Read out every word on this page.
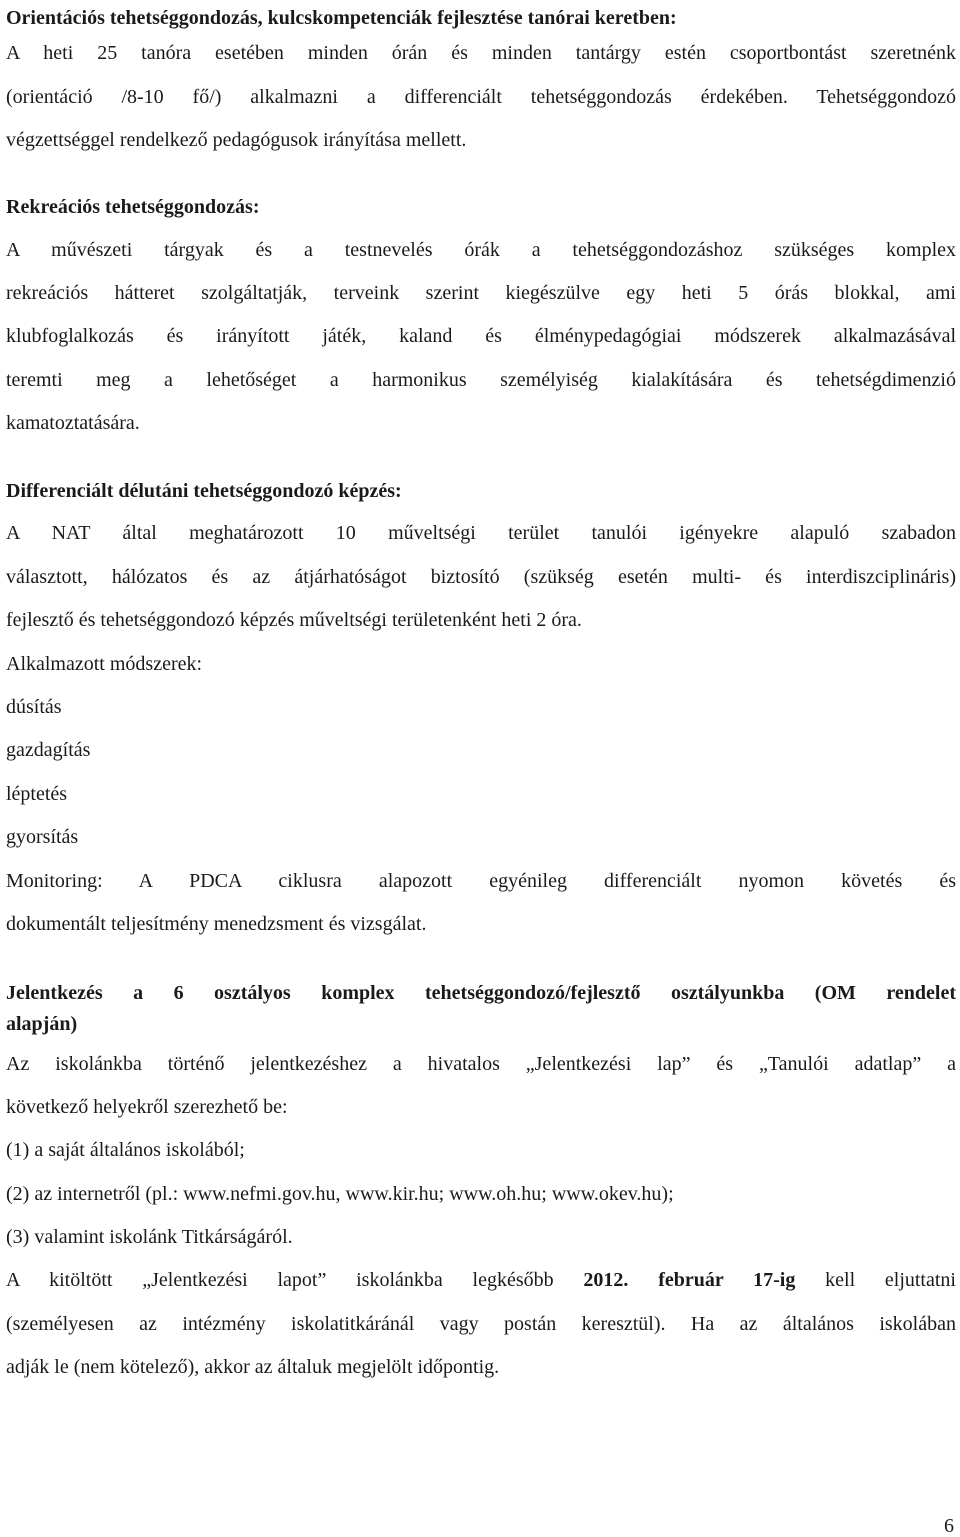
Orientációs tehetséggondozás, kulcskompetenciák fejlesztése tanórai keretben:
A heti 25 tanóra esetében minden órán és minden tantárgy estén csoportbontást szeretnénk
(orientáció /8-10 fő/) alkalmazni a differenciált tehetséggondozás érdekében. Tehetséggondozó
végzettséggel rendelkező pedagógusok irányítása mellett.
Rekreációs tehetséggondozás:
A művészeti tárgyak és a testnevelés órák a tehetséggondozáshoz szükséges komplex
rekreációs hátteret szolgáltatják, terveink szerint kiegészülve egy heti 5 órás blokkal, ami
klubfoglalkozás és irányított játék, kaland és élménypedagógiai módszerek alkalmazásával
teremti meg a lehetőséget a harmonikus személyiség kialakítására és tehetségdimenzió
kamatoztatására.
Differenciált délutáni tehetséggondozó képzés:
A NAT által meghatározott 10 műveltségi terület tanulói igényekre alapuló szabadon
választott, hálózatos és az átjárhatóságot biztosító (szükség esetén multi- és interdiszciplináris)
fejlesztő és tehetséggondozó képzés műveltségi területenként heti 2 óra.
Alkalmazott módszerek:
dúsítás
gazdagítás
léptetés
gyorsítás
Monitoring: A PDCA ciklusra alapozott egyénileg differenciált nyomon követés és
dokumentált teljesítmény menedzsment és vizsgálat.
Jelentkezés a 6 osztályos komplex tehetséggondozó/fejlesztő osztályunkba (OM rendelet
alapján)
Az iskolánkba történő jelentkezéshez a hivatalos „Jelentkezési lap” és „Tanulói adatlap” a
következő helyekről szerezhető be:
(1) a saját általános iskolából;
(2) az internetről (pl.: www.nefmi.gov.hu, www.kir.hu; www.oh.hu; www.okev.hu);
(3) valamint iskolánk Titkárságáról.
A kitöltött „Jelentkezési lapot” iskolánkba legkésőbb 2012. február 17-ig kell eljuttatni
(személyesen az intézmény iskolatitkáránál vagy postán keresztül). Ha az általános iskolában
adják le (nem kötelező), akkor az általuk megjelölt időpontig.
6
